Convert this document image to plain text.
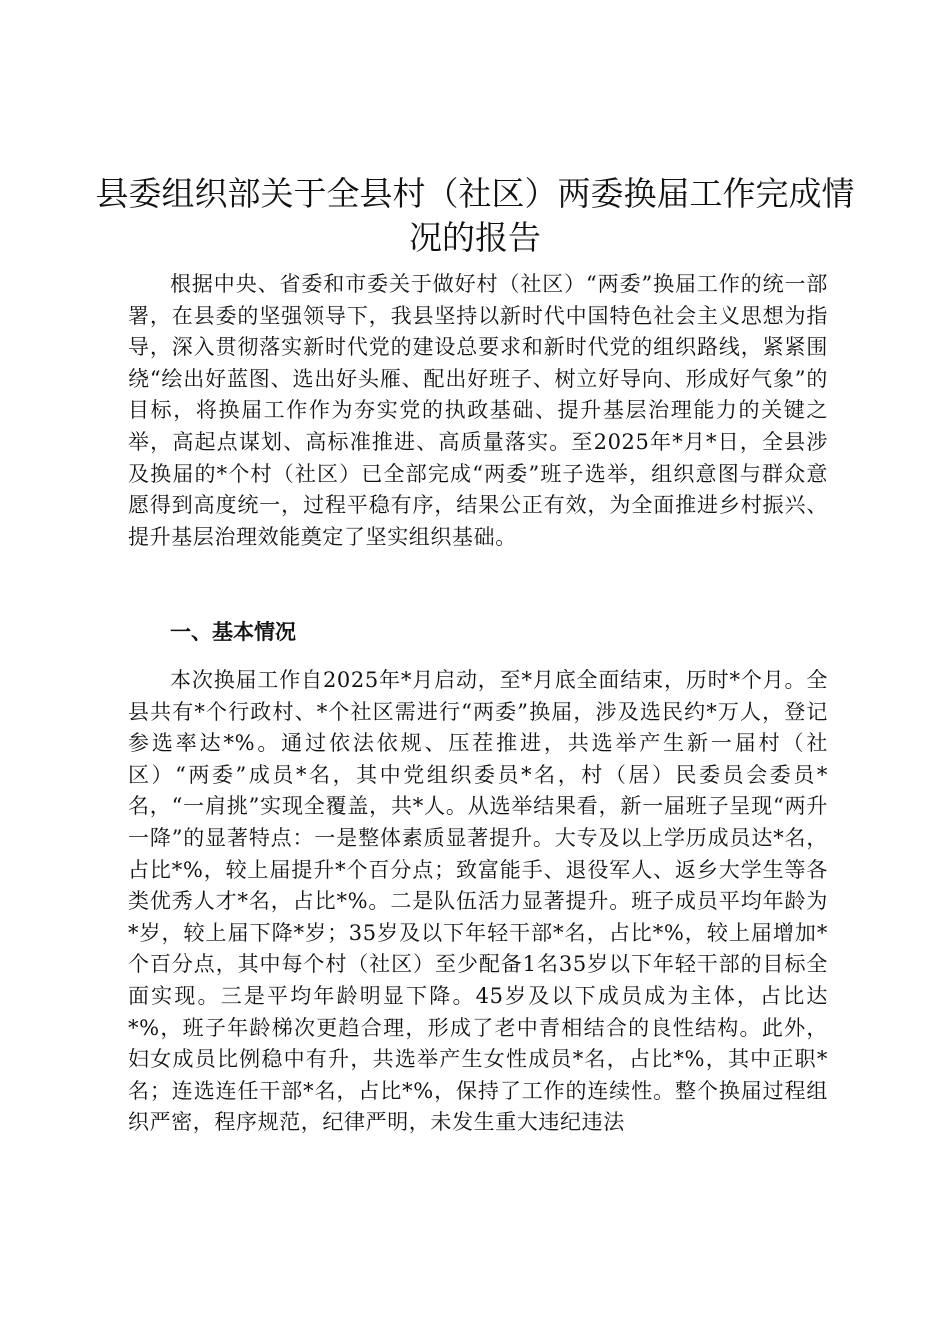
县委组织部关于全县村（社区）两委换届工作完成情况的报告

根据中央、省委和市委关于做好村（社区）“两委”换届工作的统一部署，在县委的坚强领导下，我县坚持以新时代中国特色社会主义思想为指导，深入贯彻落实新时代党的建设总要求和新时代党的组织路线，紧紧围绕“绘出好蓝图、选出好头雁、配出好班子、树立好导向、形成好气象”的目标，将换届工作作为夯实党的执政基础、提升基层治理能力的关键之举，高起点谋划、高标准推进、高质量落实。至2025年*月*日，全县涉及换届的*个村（社区）已全部完成“两委”班子选举，组织意图与群众意愿得到高度统一，过程平稳有序，结果公正有效，为全面推进乡村振兴、提升基层治理效能奠定了坚实组织基础。

一、基本情况

本次换届工作自2025年*月启动，至*月底全面结束，历时*个月。全县共有*个行政村、*个社区需进行“两委”换届，涉及选民约*万人，登记参选率达*%。通过依法依规、压茬推进，共选举产生新一届村（社区）“两委”成员*名，其中党组织委员*名，村（居）民委员会委员*名，“一肩挑”实现全覆盖，共*人。从选举结果看，新一届班子呈现“两升一降”的显著特点：一是整体素质显著提升。大专及以上学历成员达*名，占比*%，较上届提升*个百分点；致富能手、退役军人、返乡大学生等各类优秀人才*名，占比*%。二是队伍活力显著提升。班子成员平均年龄为*岁，较上届下降*岁；35岁及以下年轻干部*名，占比*%，较上届增加*个百分点，其中每个村（社区）至少配备1名35岁以下年轻干部的目标全面实现。三是平均年龄明显下降。45岁及以下成员成为主体，占比达*%，班子年龄梯次更趋合理，形成了老中青相结合的良性结构。此外，妇女成员比例稳中有升，共选举产生女性成员*名，占比*%，其中正职*名；连选连任干部*名，占比*%，保持了工作的连续性。整个换届过程组织严密，程序规范，纪律严明，未发生重大违纪违法
